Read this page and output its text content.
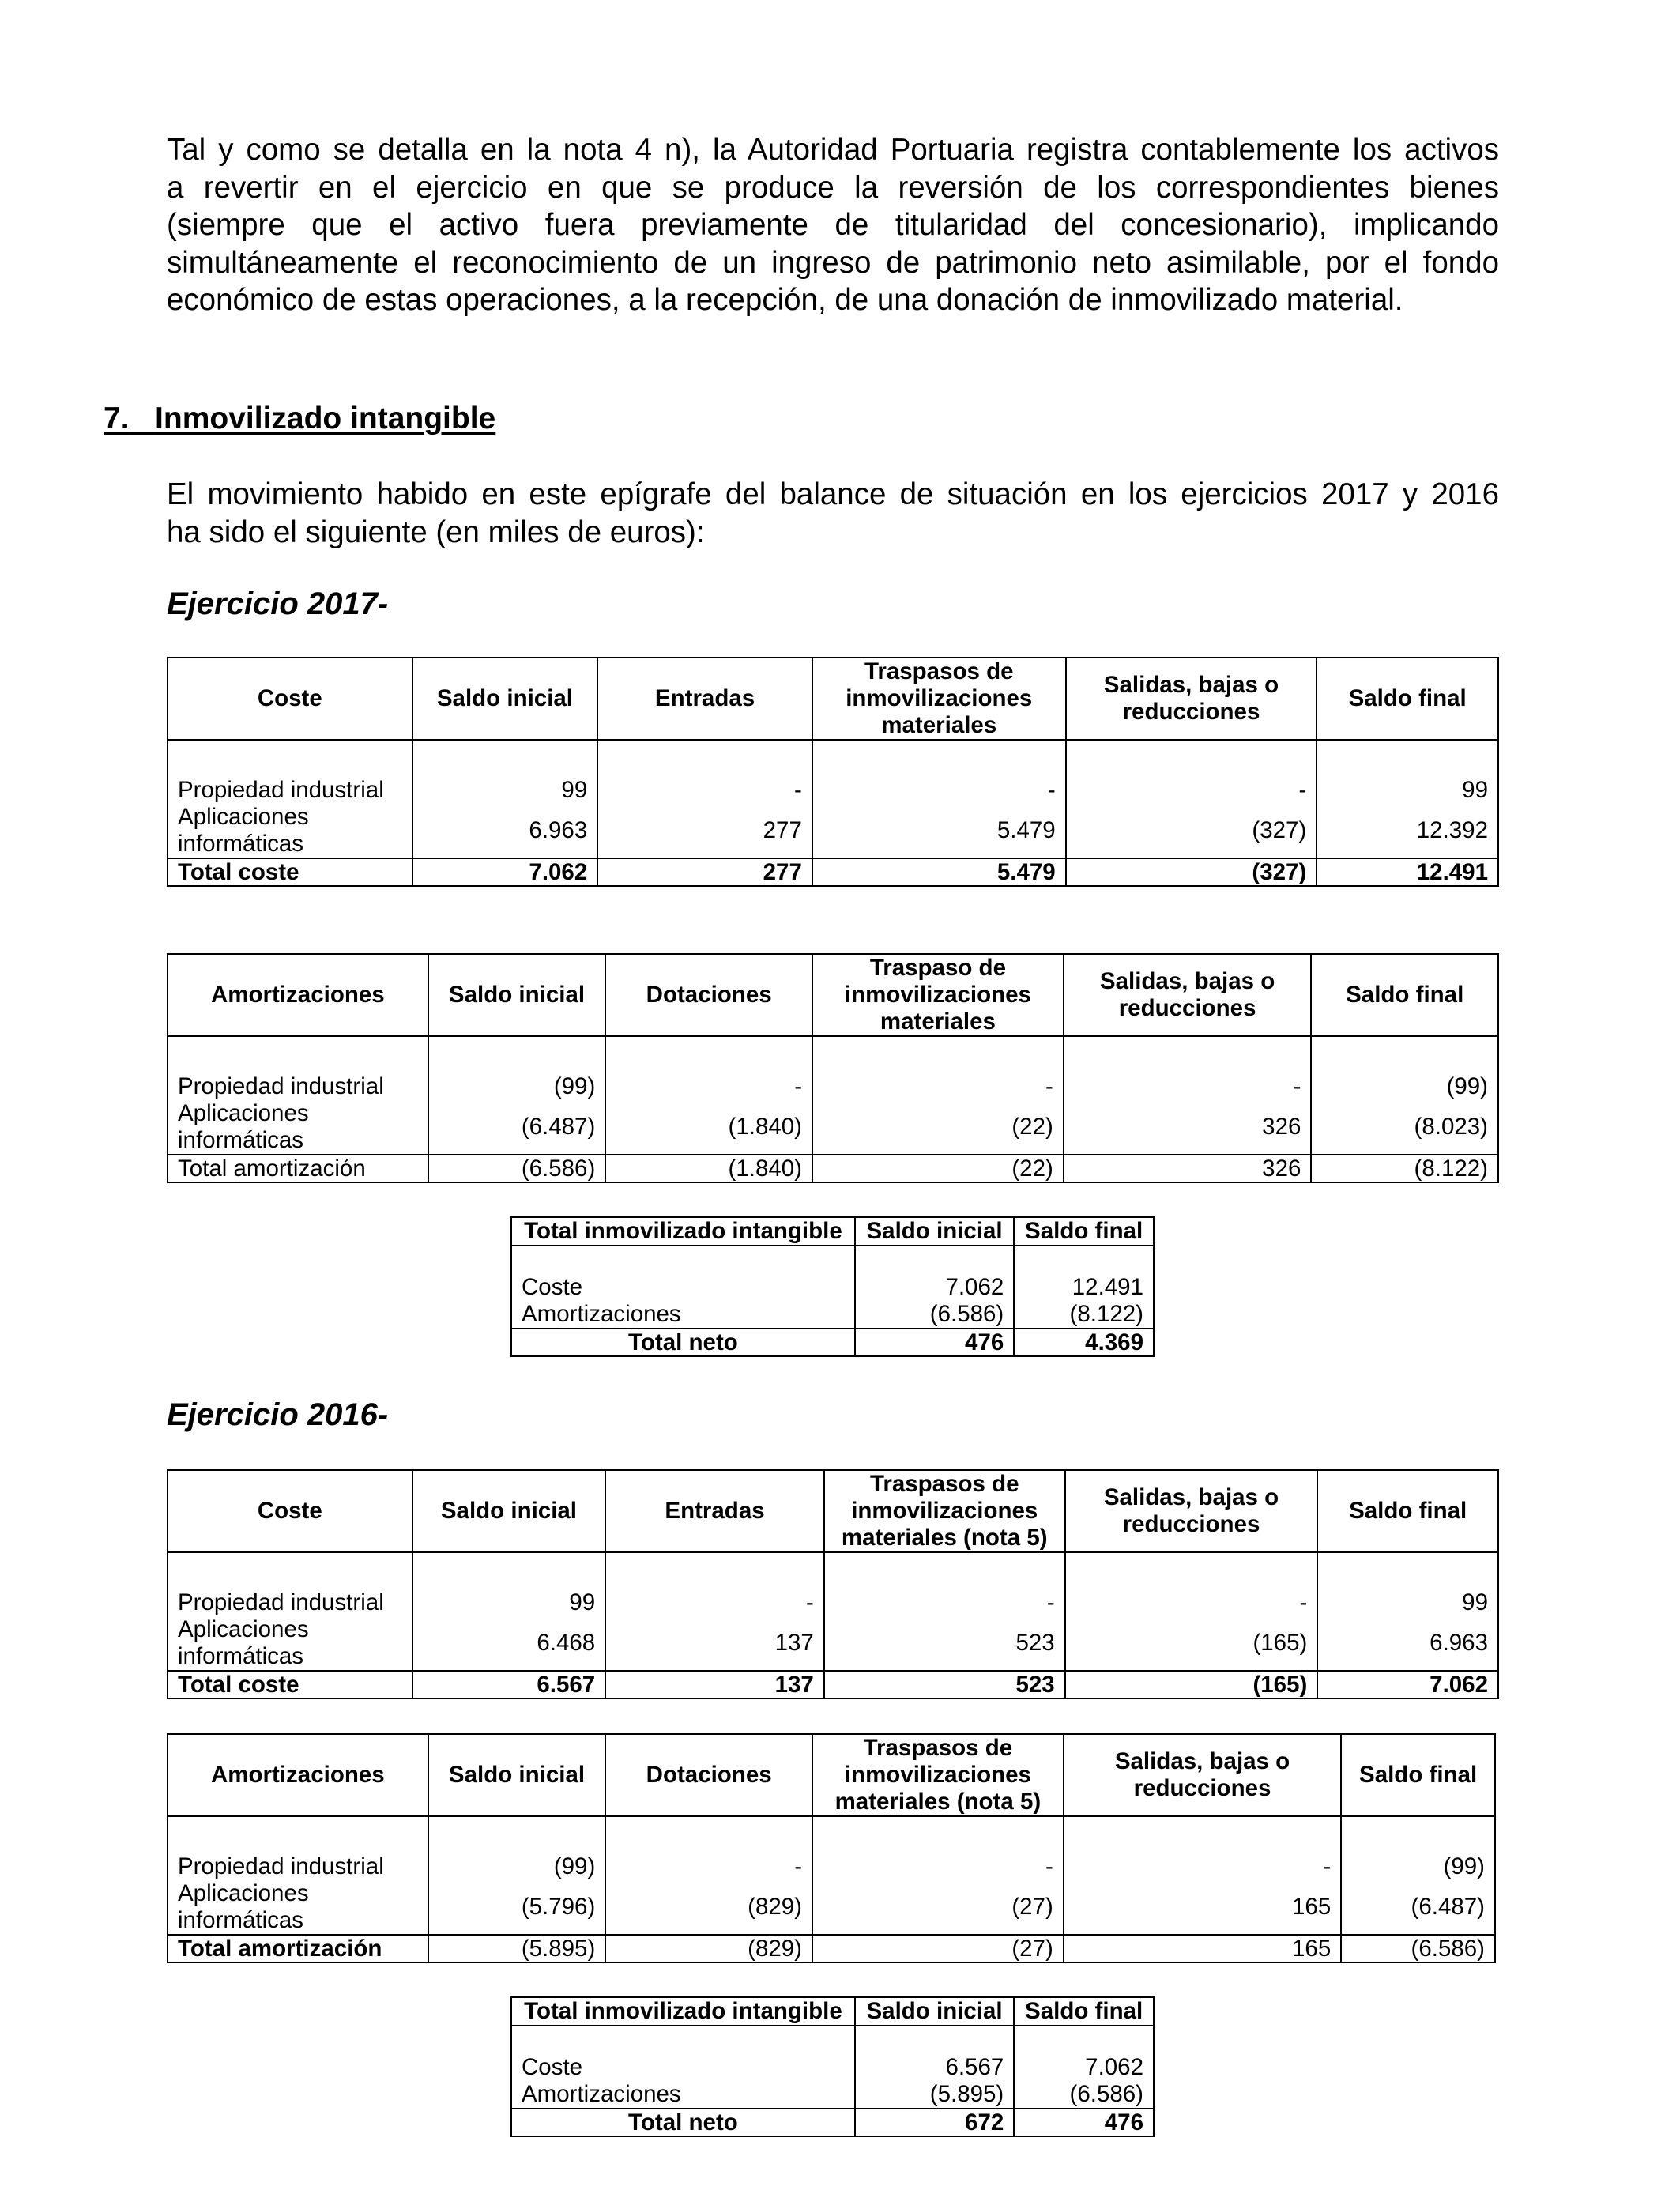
Tal y como se detalla en la nota 4 n), la Autoridad Portuaria registra contablemente los activos
a revertir en el ejercicio en que se produce la reversión de los correspondientes bienes
(siempre que el activo fuera previamente de titularidad del concesionario), implicando
simultáneamente el reconocimiento de un ingreso de patrimonio neto asimilable, por el fondo
económico de estas operaciones, a la recepción, de una donación de inmovilizado material.

7. Inmovilizado intangible

El movimiento habido en este epígrafe del balance de situación en los ejercicios 2017 y 2016
ha sido el siguiente (en miles de euros):

Ejercicio 2017-
Coste	Saldo inicial	Entradas	Traspasos de inmovilizaciones materiales	Salidas, bajas o reducciones	Saldo final
Propiedad industrial	99	-	-	-	99
Aplicaciones informáticas	6.963	277	5.479	(327)	12.392
Total coste	7.062	277	5.479	(327)	12.491
Amortizaciones	Saldo inicial	Dotaciones	Traspaso de inmovilizaciones materiales	Salidas, bajas o reducciones	Saldo final
Propiedad industrial	(99)	-	-	-	(99)
Aplicaciones informáticas	(6.487)	(1.840)	(22)	326	(8.023)
Total amortización	(6.586)	(1.840)	(22)	326	(8.122)
Total inmovilizado intangible	Saldo inicial	Saldo final
Coste	7.062	12.491
Amortizaciones	(6.586)	(8.122)
Total neto	476	4.369
Ejercicio 2016-
Coste	Saldo inicial	Entradas	Traspasos de inmovilizaciones materiales (nota 5)	Salidas, bajas o reducciones	Saldo final
Propiedad industrial	99	-	-	-	99
Aplicaciones informáticas	6.468	137	523	(165)	6.963
Total coste	6.567	137	523	(165)	7.062
Amortizaciones	Saldo inicial	Dotaciones	Traspasos de inmovilizaciones materiales (nota 5)	Salidas, bajas o reducciones	Saldo final
Propiedad industrial	(99)	-	-	-	(99)
Aplicaciones informáticas	(5.796)	(829)	(27)	165	(6.487)
Total amortización	(5.895)	(829)	(27)	165	(6.586)
Total inmovilizado intangible	Saldo inicial	Saldo final
Coste	6.567	7.062
Amortizaciones	(5.895)	(6.586)
Total neto	672	476
